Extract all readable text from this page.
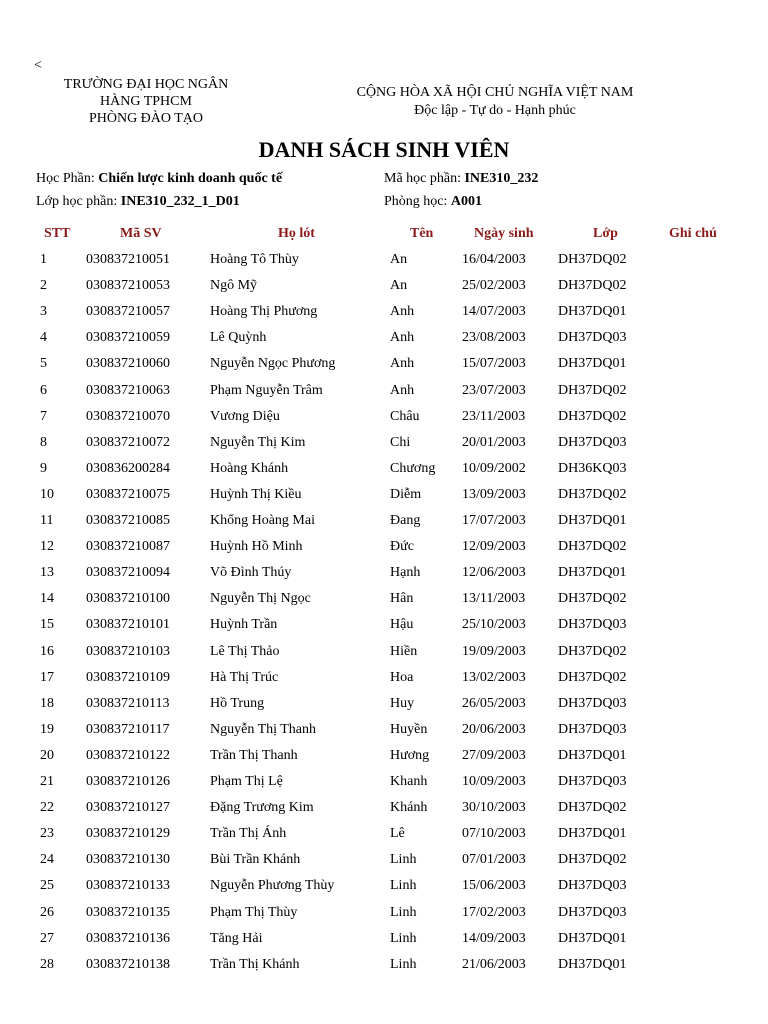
<
TRƯỜNG ĐẠI HỌC NGÂN
HÀNG TPHCM
PHÒNG ĐÀO TẠO
CỘNG HÒA XÃ HỘI CHỦ NGHĨA VIỆT NAM
Độc lập - Tự do - Hạnh phúc
DANH SÁCH SINH VIÊN
Học Phần: Chiến lược kinh doanh quốc tế	Mã học phần: INE310_232
Lớp học phần: INE310_232_1_D01	Phòng học: A001
STT	Mã SV	Họ lót	Tên	Ngày sinh	Lớp	Ghi chú
1	030837210051	Hoàng Tô Thùy	An	16/04/2003 DH37DQ02
2	030837210053	Ngô Mỹ	An	25/02/2003 DH37DQ02
3	030837210057	Hoàng Thị Phương	Anh	14/07/2003 DH37DQ01
4	030837210059	Lê Quỳnh	Anh	23/08/2003 DH37DQ03
5	030837210060	Nguyễn Ngọc Phương	Anh	15/07/2003 DH37DQ01
6	030837210063	Phạm Nguyễn Trâm	Anh	23/07/2003 DH37DQ02
7	030837210070	Vương Diệu	Châu	23/11/2003 DH37DQ02
8	030837210072	Nguyễn Thị Kim	Chi	20/01/2003 DH37DQ03
9	030836200284	Hoàng Khánh	Chương 10/09/2002 DH36KQ03
10 030837210075	Huỳnh Thị Kiều	Diễm	13/09/2003 DH37DQ02
11 030837210085	Khổng Hoàng Mai	Đang	17/07/2003 DH37DQ01
12 030837210087	Huỳnh Hồ Minh	Đức	12/09/2003 DH37DQ02
13 030837210094	Võ Đình Thúy	Hạnh	12/06/2003 DH37DQ01
14 030837210100	Nguyễn Thị Ngọc	Hân	13/11/2003 DH37DQ02
15 030837210101	Huỳnh Trần	Hậu	25/10/2003 DH37DQ03
16 030837210103	Lê Thị Thảo	Hiền	19/09/2003 DH37DQ02
17 030837210109	Hà Thị Trúc	Hoa	13/02/2003 DH37DQ02
18 030837210113	Hồ Trung	Huy	26/05/2003 DH37DQ03
19 030837210117	Nguyễn Thị Thanh	Huyền 20/06/2003 DH37DQ03
20 030837210122	Trần Thị Thanh	Hương 27/09/2003 DH37DQ01
21 030837210126	Phạm Thị Lệ	Khanh 10/09/2003 DH37DQ03
22 030837210127	Đặng Trương Kim	Khánh 30/10/2003 DH37DQ02
23 030837210129	Trần Thị Ánh	Lê	07/10/2003 DH37DQ01
24 030837210130	Bùi Trần Khánh	Linh	07/01/2003 DH37DQ02
25 030837210133	Nguyễn Phương Thùy	Linh	15/06/2003 DH37DQ03
26 030837210135	Phạm Thị Thùy	Linh	17/02/2003 DH37DQ03
27 030837210136	Tăng Hải	Linh	14/09/2003 DH37DQ01
28 030837210138	Trần Thị Khánh	Linh	21/06/2003 DH37DQ01
